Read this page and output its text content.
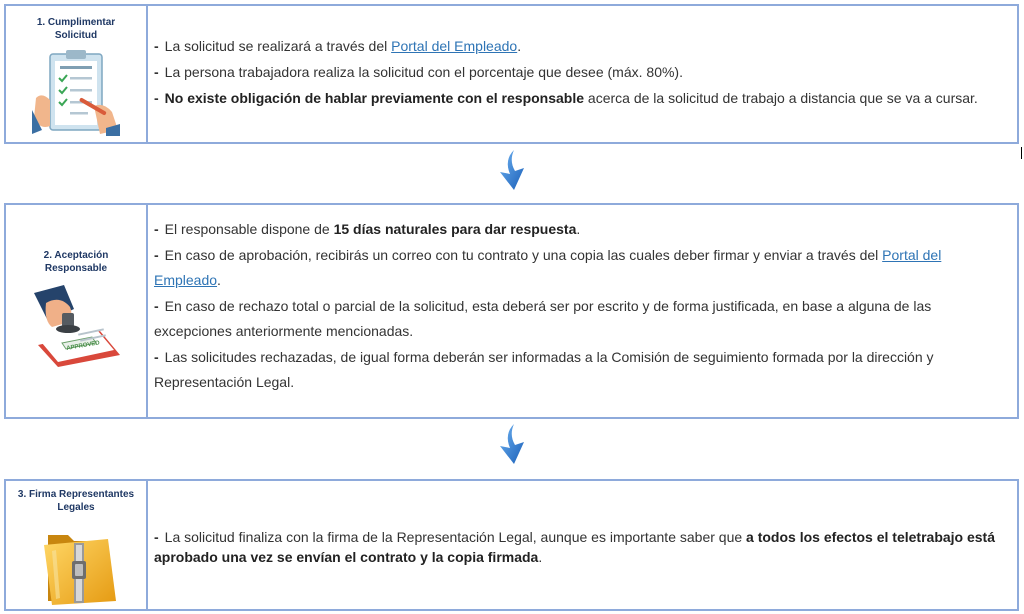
1. Cumplimentar
Solicitud

- La solicitud se realizará a través del Portal del Empleado.

- La persona trabajadora realiza la solicitud con el porcentaje que desee (máx. 80%).

- No existe obligación de hablar previamente con el responsable acerca de la solicitud de trabajo a distancia que se va a cursar.

2. Aceptación
Responsable
APPROVED

- El responsable dispone de 15 días naturales para dar respuesta.

- En caso de aprobación, recibirás un correo con tu contrato y una copia las cuales deber firmar y enviar a través del Portal del
Empleado.

- En caso de rechazo total o parcial de la solicitud, esta deberá ser por escrito y de forma justificada, en base a alguna de las
excepciones anteriormente mencionadas.

- Las solicitudes rechazadas, de igual forma deberán ser informadas a la Comisión de seguimiento formada por la dirección y
Representación Legal.

3. Firma Representantes
Legales

- La solicitud finaliza con la firma de la Representación Legal, aunque es importante saber que a todos los efectos el teletrabajo está
aprobado una vez se envían el contrato y la copia firmada.
